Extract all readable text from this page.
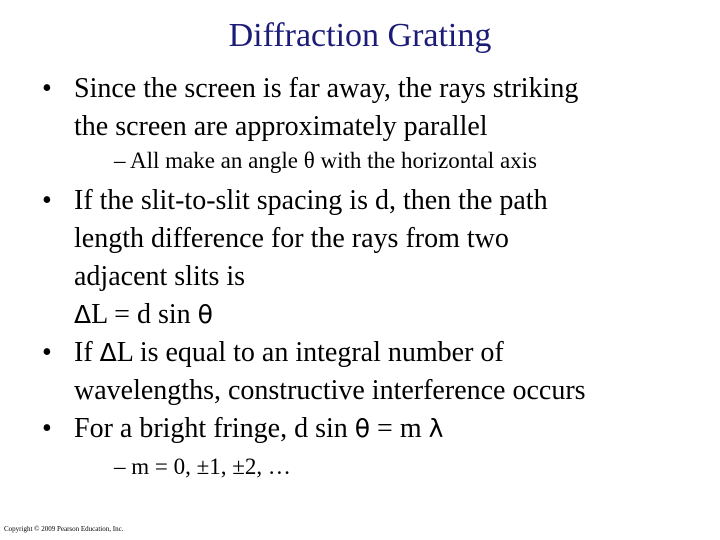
Diffraction Grating
• Since the screen is far away, the rays striking
the screen are approximately parallel
– All make an angle θ with the horizontal axis
• If the slit-to-slit spacing is d, then the path
length difference for the rays from two
adjacent slits is
ΔL = d sin θ
• If ΔL is equal to an integral number of
wavelengths, constructive interference occurs
• For a bright fringe, d sin θ = m λ
– m = 0, ±1, ±2, …
Copyright © 2009 Pearson Education, Inc.
